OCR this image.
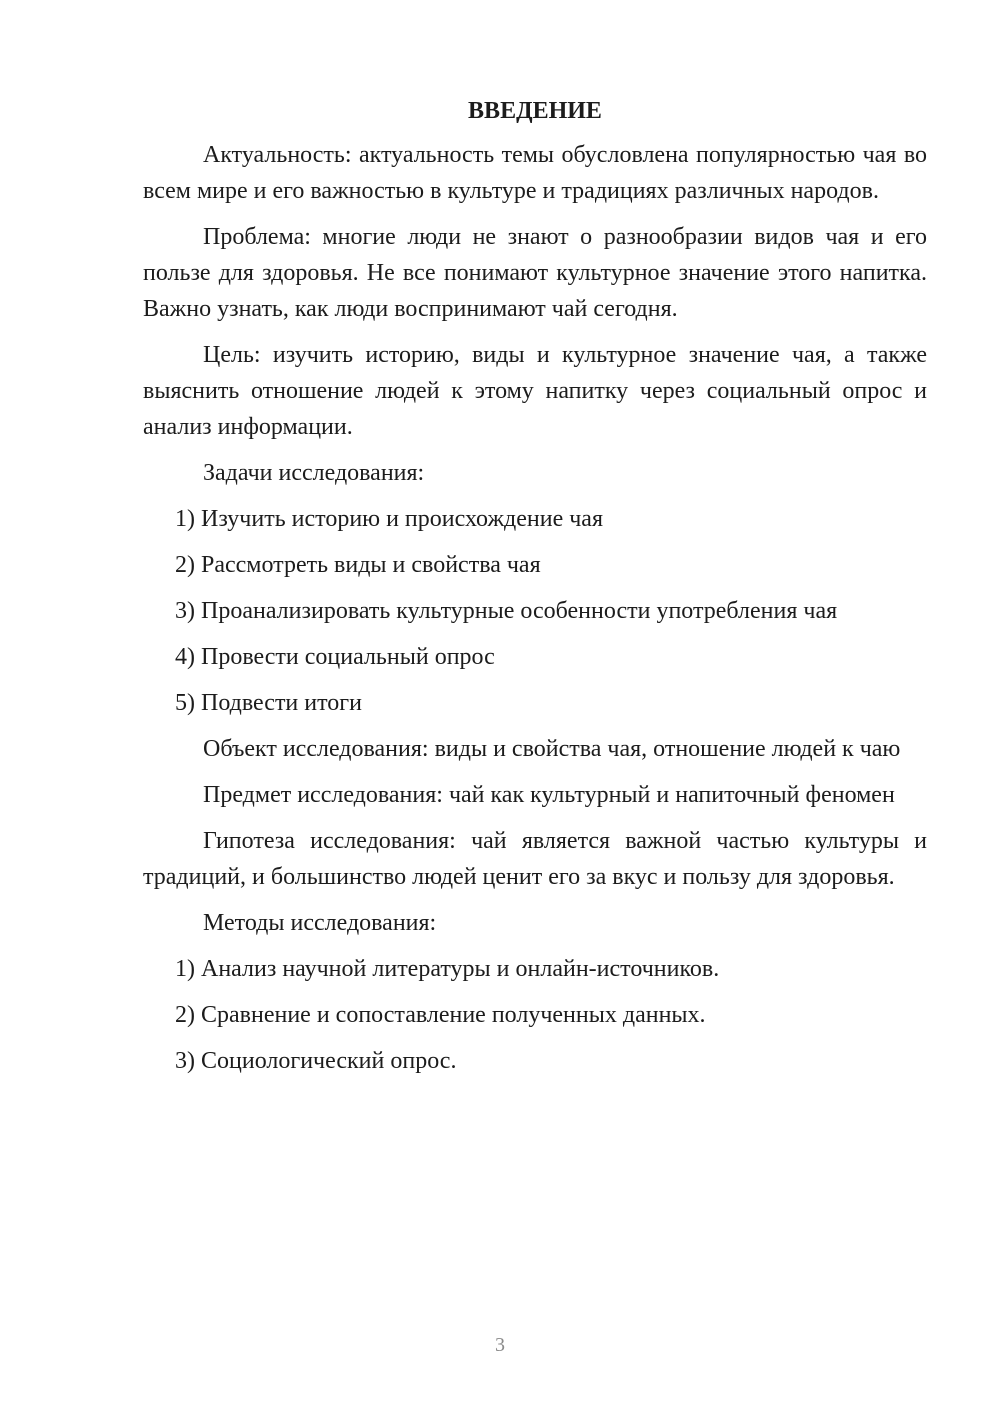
ВВЕДЕНИЕ

Актуальность: актуальность темы обусловлена популярностью чая во всем мире и его важностью в культуре и традициях различных народов.

Проблема: многие люди не знают о разнообразии видов чая и его пользе для здоровья. Не все понимают культурное значение этого напитка. Важно узнать, как люди воспринимают чай сегодня.

Цель: изучить историю, виды и культурное значение чая, а также выяснить отношение людей к этому напитку через социальный опрос и анализ информации.

Задачи исследования:

1) Изучить историю и происхождение чая

2) Рассмотреть виды и свойства чая

3) Проанализировать культурные особенности употребления чая

4) Провести социальный опрос

5) Подвести итоги

Объект исследования: виды и свойства чая, отношение людей к чаю

Предмет исследования: чай как культурный и напиточный феномен

Гипотеза исследования: чай является важной частью культуры и традиций, и большинство людей ценит его за вкус и пользу для здоровья.

Методы исследования:

1) Анализ научной литературы и онлайн-источников.

2) Сравнение и сопоставление полученных данных.

3) Социологический опрос.

3
